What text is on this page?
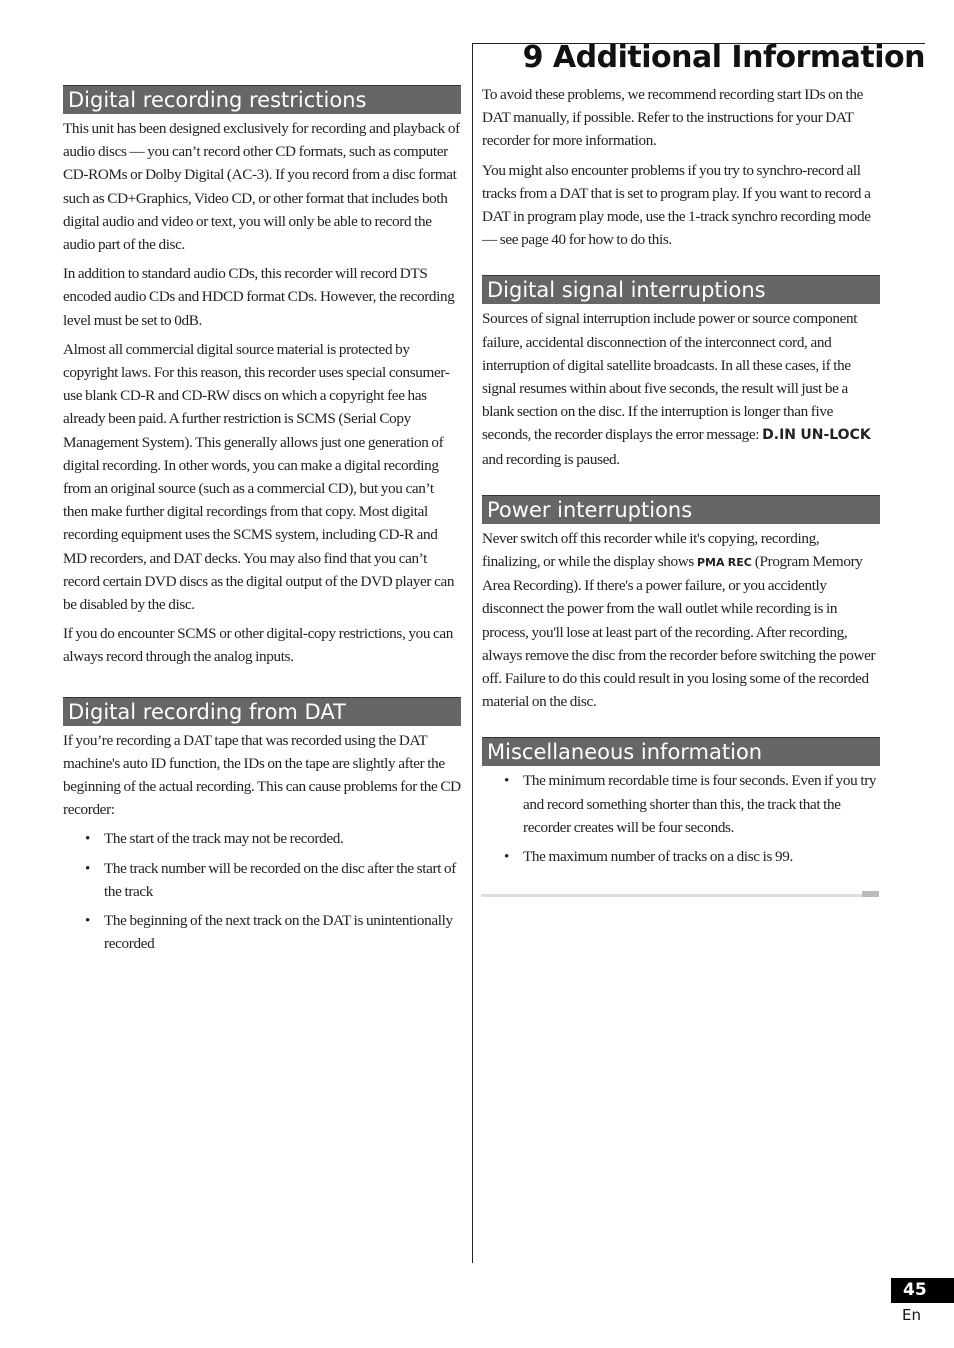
9 Additional Information
Digital recording restrictions

This unit has been designed exclusively for recording and playback of audio discs — you can’t record other CD formats, such as computer CD-ROMs or Dolby Digital (AC-3). If you record from a disc format such as CD+Graphics, Video CD, or other format that includes both digital audio and video or text, you will only be able to record the audio part of the disc.

In addition to standard audio CDs, this recorder will record DTS encoded audio CDs and HDCD format CDs. However, the recording level must be set to 0dB.

Almost all commercial digital source material is protected by copyright laws. For this reason, this recorder uses special consumer-use blank CD-R and CD-RW discs on which a copyright fee has already been paid. A further restriction is SCMS (Serial Copy Management System). This generally allows just one generation of digital recording. In other words, you can make a digital recording from an original source (such as a commercial CD), but you can’t then make further digital recordings from that copy. Most digital recording equipment uses the SCMS system, including CD-R and MD recorders, and DAT decks. You may also find that you can’t record certain DVD discs as the digital output of the DVD player can be disabled by the disc.

If you do encounter SCMS or other digital-copy restrictions, you can always record through the analog inputs.

Digital recording from DAT

If you’re recording a DAT tape that was recorded using the DAT machine's auto ID function, the IDs on the tape are slightly after the beginning of the actual recording. This can cause problems for the CD recorder:

• The start of the track may not be recorded.

• The track number will be recorded on the disc after the start of the track

• The beginning of the next track on the DAT is unintentionally recorded

To avoid these problems, we recommend recording start IDs on the DAT manually, if possible. Refer to the instructions for your DAT recorder for more information.

You might also encounter problems if you try to synchro-record all tracks from a DAT that is set to program play. If you want to record a DAT in program play mode, use the 1-track synchro recording mode — see page 40 for how to do this.

Digital signal interruptions

Sources of signal interruption include power or source component failure, accidental disconnection of the interconnect cord, and interruption of digital satellite broadcasts. In all these cases, if the signal resumes within about five seconds, the result will just be a blank section on the disc. If the interruption is longer than five seconds, the recorder displays the error message: D.IN UN-LOCK and recording is paused.

Power interruptions

Never switch off this recorder while it's copying, recording, finalizing, or while the display shows PMA REC (Program Memory Area Recording). If there's a power failure, or you accidently disconnect the power from the wall outlet while recording is in process, you'll lose at least part of the recording. After recording, always remove the disc from the recorder before switching the power off. Failure to do this could result in you losing some of the recorded material on the disc.

Miscellaneous information

• The minimum recordable time is four seconds. Even if you try and record something shorter than this, the track that the recorder creates will be four seconds.

• The maximum number of tracks on a disc is 99.

45
En
